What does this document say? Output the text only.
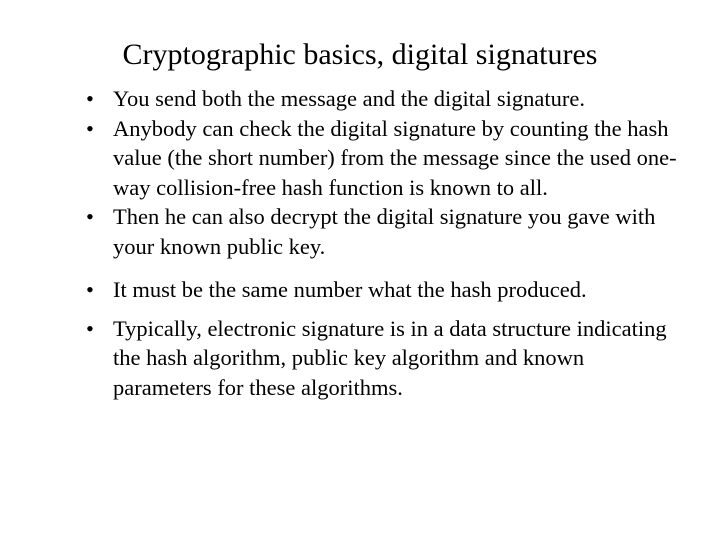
Cryptographic basics, digital signatures
• You send both the message and the digital signature.
• Anybody can check the digital signature by counting the hash value (the short number) from the message since the used one-way collision-free hash function is known to all.
• Then he can also decrypt the digital signature you gave with your known public key.
• It must be the same number what the hash produced.
• Typically, electronic signature is in a data structure indicating the hash algorithm, public key algorithm and known parameters for these algorithms.
